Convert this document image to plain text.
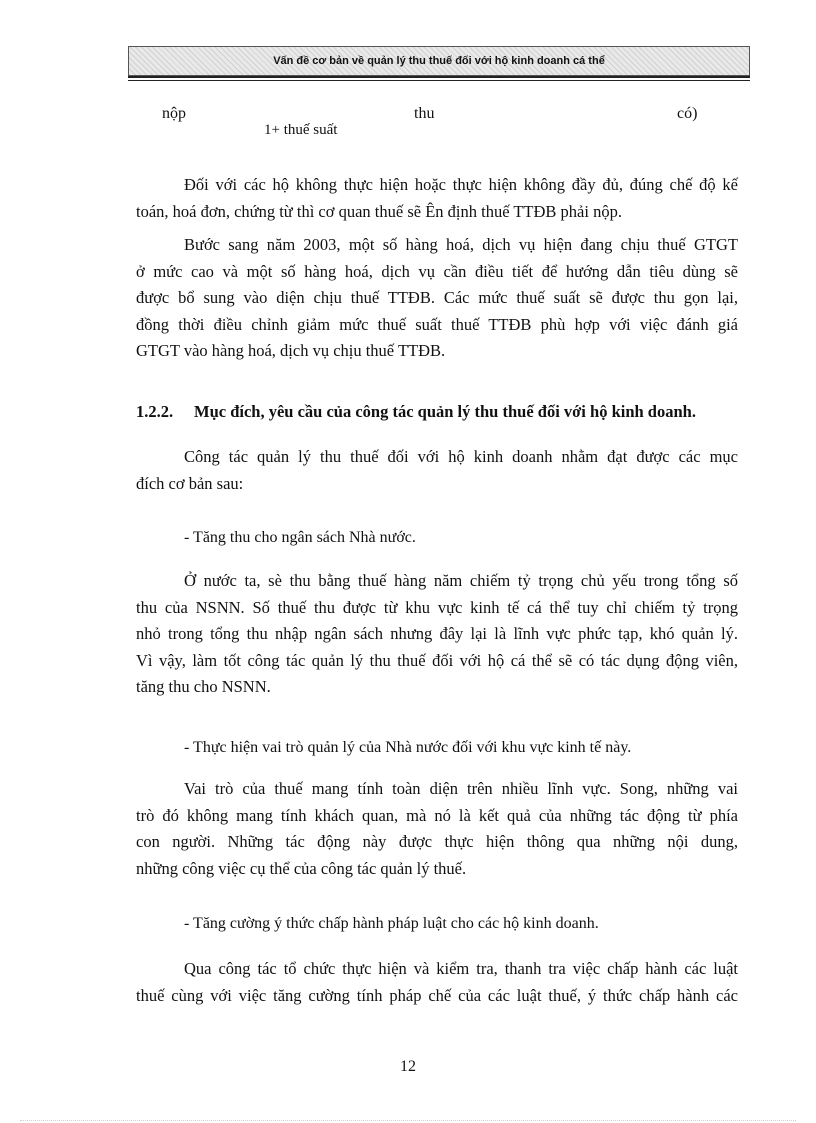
Vấn đề cơ bản về quản lý thu thuế đối với hộ kinh doanh cá thể
nộp	thu	có)
1+ thuế suất
Đối với các hộ không thực hiện hoặc thực hiện không đầy đủ, đúng chế độ kế
toán, hoá đơn, chứng từ thì cơ quan thuế sẽ Ên định thuế TTĐB phải nộp.
Bước sang năm 2003, một số hàng hoá, dịch vụ hiện đang chịu thuế GTGT
ở mức cao và một số hàng hoá, dịch vụ cần điều tiết để hướng dẫn tiêu dùng sẽ
được bổ sung vào diện chịu thuế TTĐB. Các mức thuế suất sẽ được thu gọn lại,
đồng thời điều chỉnh giảm mức thuế suất thuế TTĐB phù hợp với việc đánh giá
GTGT vào hàng hoá, dịch vụ chịu thuế TTĐB.
1.2.2. Mục đích, yêu cầu của công tác quản lý thu thuế đối với hộ kinh doanh.
Công tác quản lý thu thuế đối với hộ kinh doanh nhằm đạt được các mục
đích cơ bản sau:
- Tăng thu cho ngân sách Nhà nước.
Ở nước ta, sè thu bằng thuế hàng năm chiếm tỷ trọng chủ yếu trong tổng số
thu của NSNN. Số thuế thu được từ khu vực kinh tế cá thể tuy chỉ chiếm tỷ trọng
nhỏ trong tổng thu nhập ngân sách nhưng đây lại là lĩnh vực phức tạp, khó quản lý.
Vì vậy, làm tốt công tác quản lý thu thuế đối với hộ cá thể sẽ có tác dụng động viên,
tăng thu cho NSNN.
- Thực hiện vai trò quản lý của Nhà nước đối với khu vực kinh tế này.
Vai trò của thuế mang tính toàn diện trên nhiều lĩnh vực. Song, những vai
trò đó không mang tính khách quan, mà nó là kết quả của những tác động từ phía
con người. Những tác động này được thực hiện thông qua những nội dung,
những công việc cụ thể của công tác quản lý thuế.
- Tăng cường ý thức chấp hành pháp luật cho các hộ kinh doanh.
Qua công tác tổ chức thực hiện và kiểm tra, thanh tra việc chấp hành các luật
thuế cùng với việc tăng cường tính pháp chế của các luật thuế, ý thức chấp hành các
12
